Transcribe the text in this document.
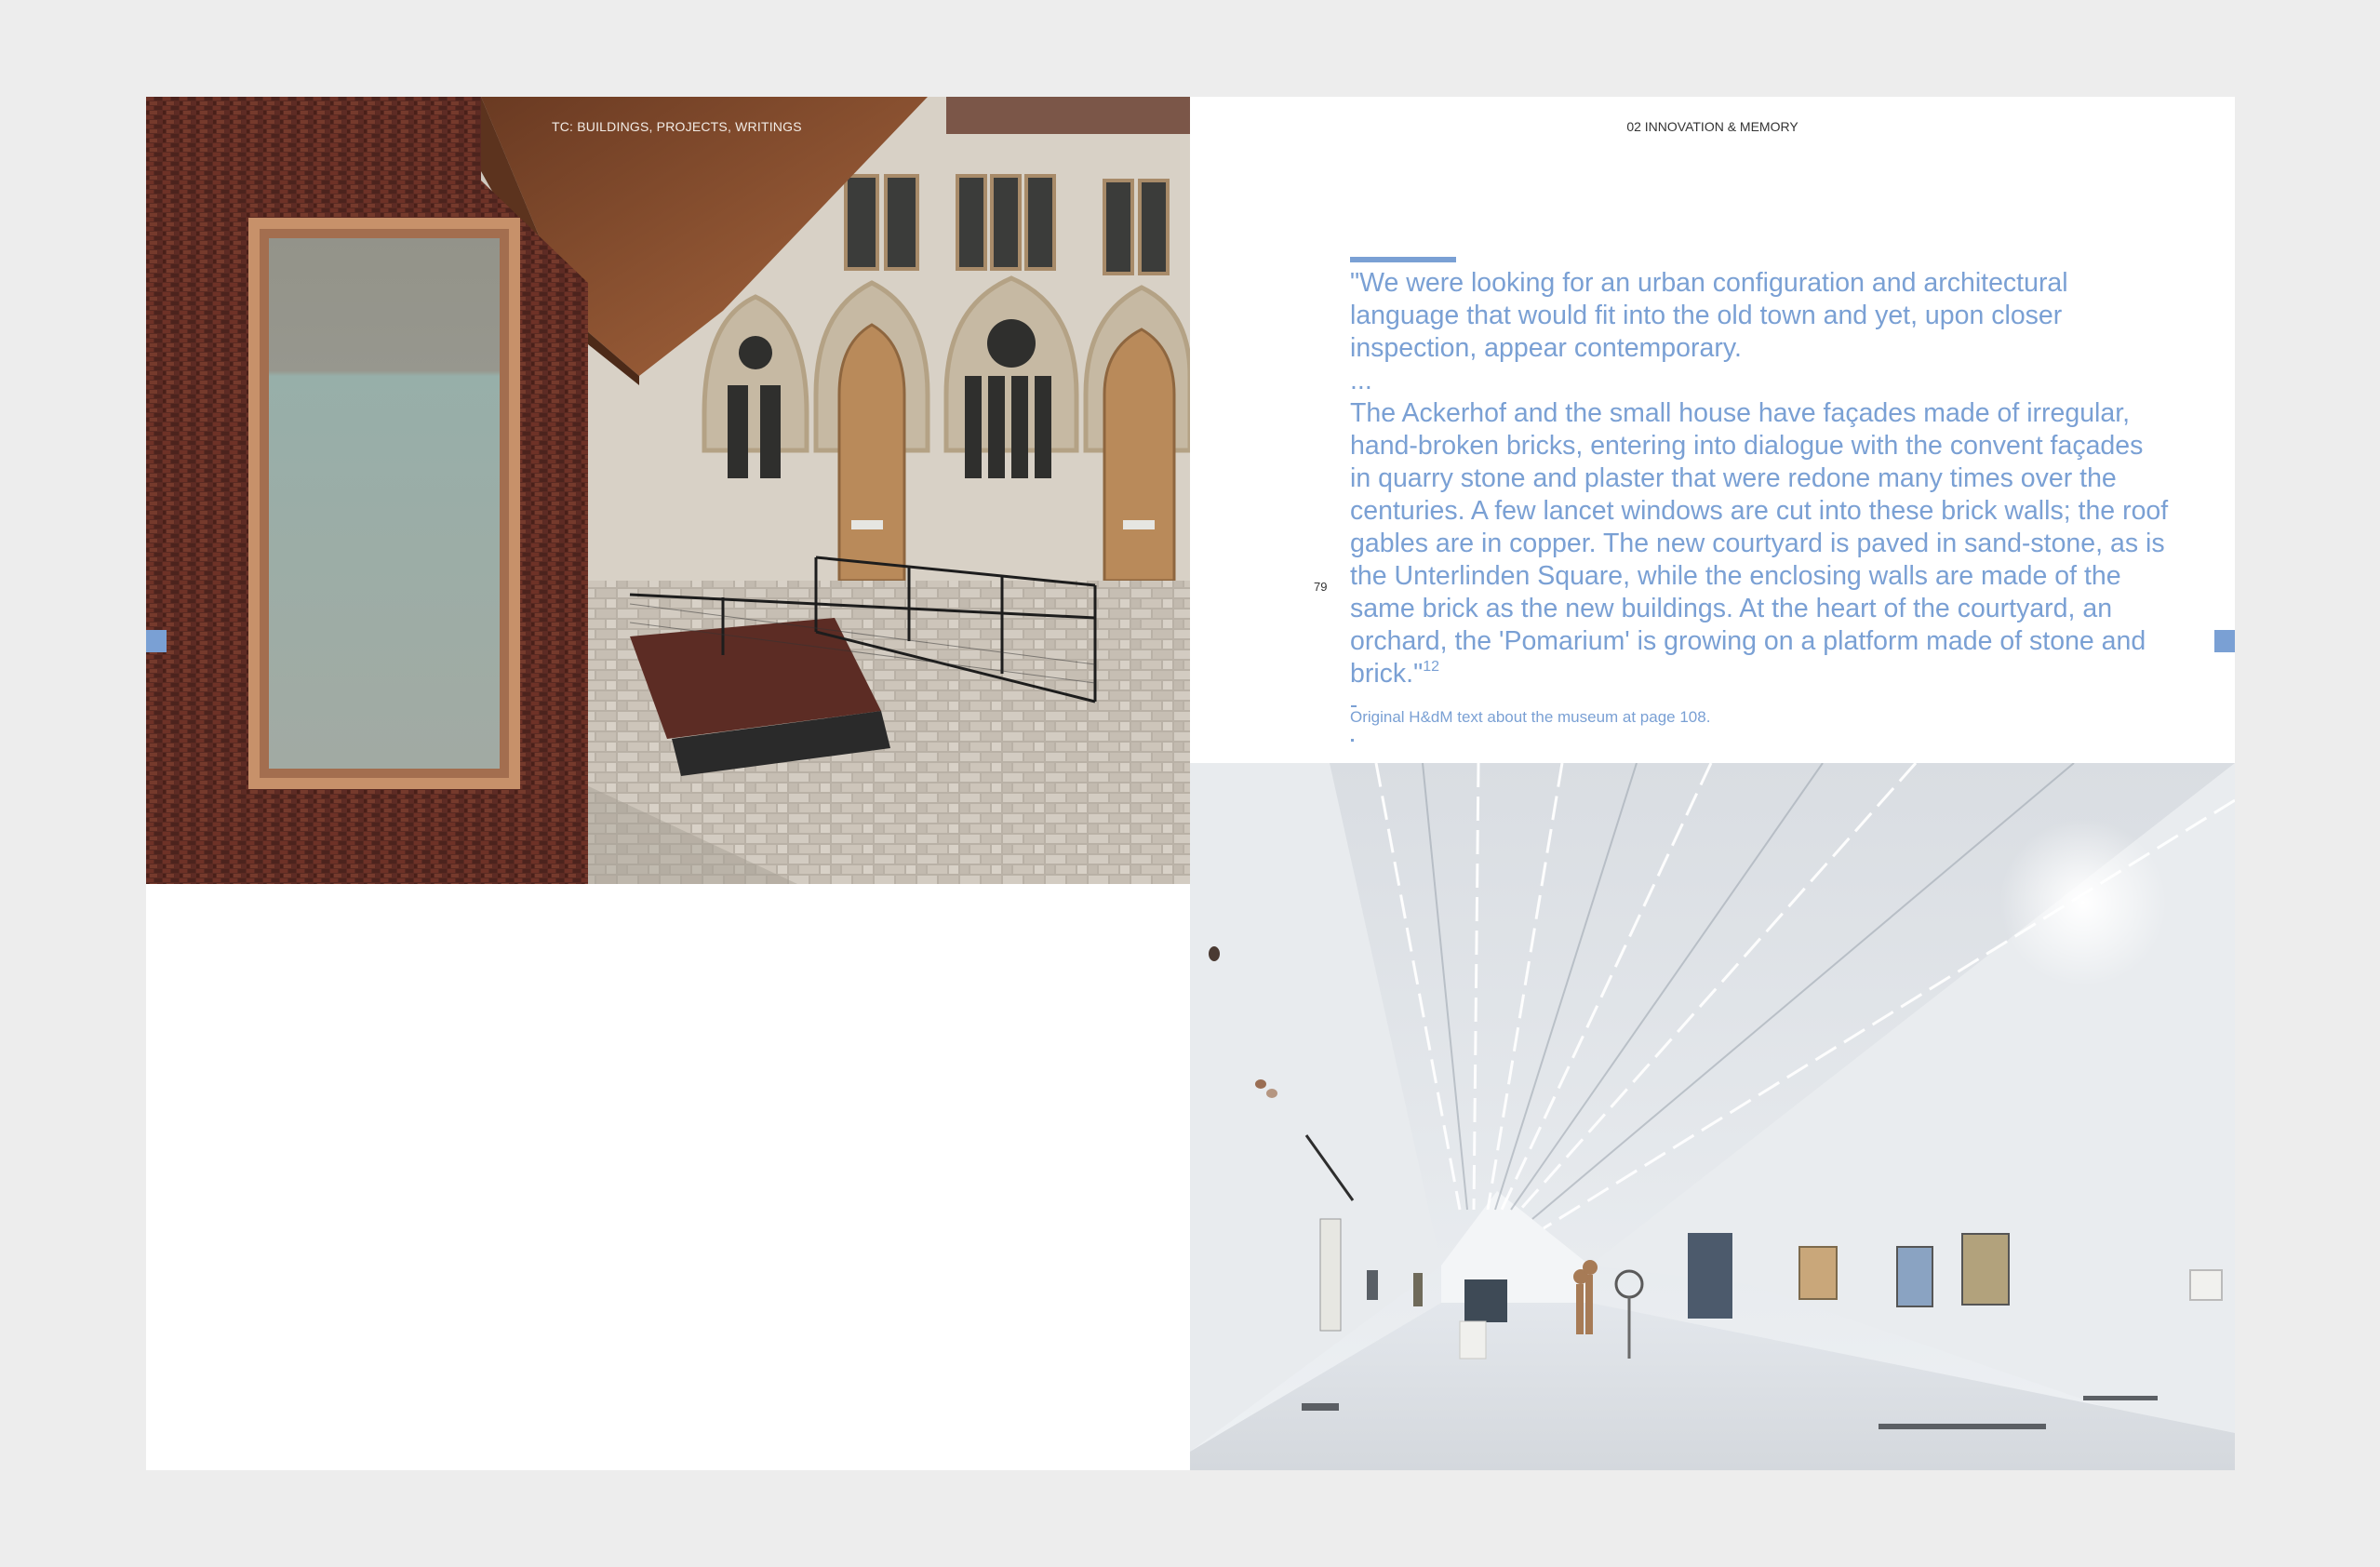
TC: BUILDINGS, PROJECTS, WRITINGS	02 INNOVATION & MEMORY

"We were looking for an urban configuration and architectural language that would fit into the old town and yet, upon closer inspection, appear contemporary.

...

The Ackerhof and the small house have façades made of irregular, hand-broken bricks, entering into dialogue with the convent façades in quarry stone and plaster that were redone many times over the centuries. A few lancet windows are cut into these brick walls; the roof gables are in copper. The new courtyard is paved in sand-stone, as is the Unterlinden Square, while the enclosing walls are made of the same brick as the new buildings. At the heart of the courtyard, an orchard, the 'Pomarium' is growing on a platform made of stone and brick."$^{12}$

Original H&dM text about the museum at page 108.
79
